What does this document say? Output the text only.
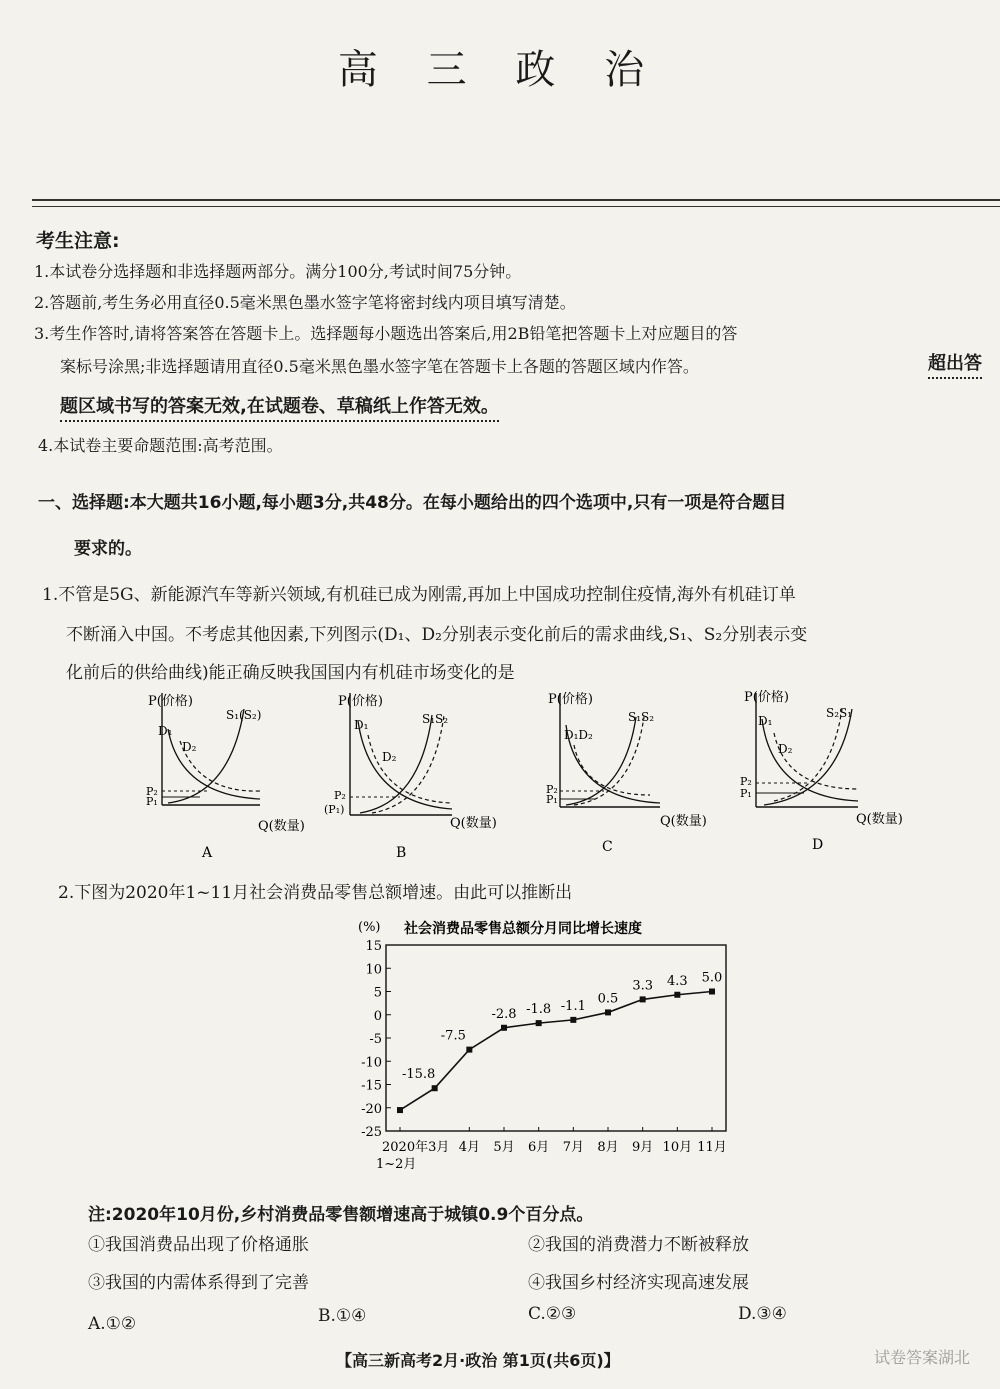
高 三 政 治
考生注意:
1.本试卷分选择题和非选择题两部分。满分100分,考试时间75分钟。
2.答题前,考生务必用直径0.5毫米黑色墨水签字笔将密封线内项目填写清楚。
3.考生作答时,请将答案答在答题卡上。选择题每小题选出答案后,用2B铅笔把答题卡上对应题目的答
案标号涂黑;非选择题请用直径0.5毫米黑色墨水签字笔在答题卡上各题的答题区域内作答。	超出答
题区域书写的答案无效,在试题卷、草稿纸上作答无效。
4.本试卷主要命题范围:高考范围。
一、选择题:本大题共16小题,每小题3分,共48分。在每小题给出的四个选项中,只有一项是符合题目
要求的。
1.不管是5G、新能源汽车等新兴领域,有机硅已成为刚需,再加上中国成功控制住疫情,海外有机硅订单
不断涌入中国。不考虑其他因素,下列图示(D₁、D₂分别表示变化前后的需求曲线,S₁、S₂分别表示变
化前后的供给曲线)能正确反映我国国内有机硅市场变化的是
P(价格)
Q(数量)
S₁(S₂)
D₁
D₂
P₂
P₁
A
P(价格)
Q(数量)
S₁S₂
D₁
D₂
P₂
(P₁)
B
P(价格)
Q(数量)
S₁S₂
D₁D₂
P₂
P₁
C
P(价格)
Q(数量)
S₂S₁
D₁
D₂
P₂
P₁
D
2.下图为2020年1~11月社会消费品零售总额增速。由此可以推断出
社会消费品零售总额分月同比增长速度
(%)
15
10
5
0
-5
-10
-15
-20
-25
2020年3月 4月 5月 6月 7月 8月 9月 10月 11月
-15.8
-7.5
-2.8 -1.8 -1.1 0.5
3.3 4.3 5.0
1~2月
注:2020年10月份,乡村消费品零售额增速高于城镇0.9个百分点。
①我国消费品出现了价格通胀	②我国的消费潜力不断被释放
③我国的内需体系得到了完善	④我国乡村经济实现高速发展
A.①②	B.①④	C.②③	D.③④
【高三新高考2月·政治 第1页(共6页)】	试卷答案湖北
